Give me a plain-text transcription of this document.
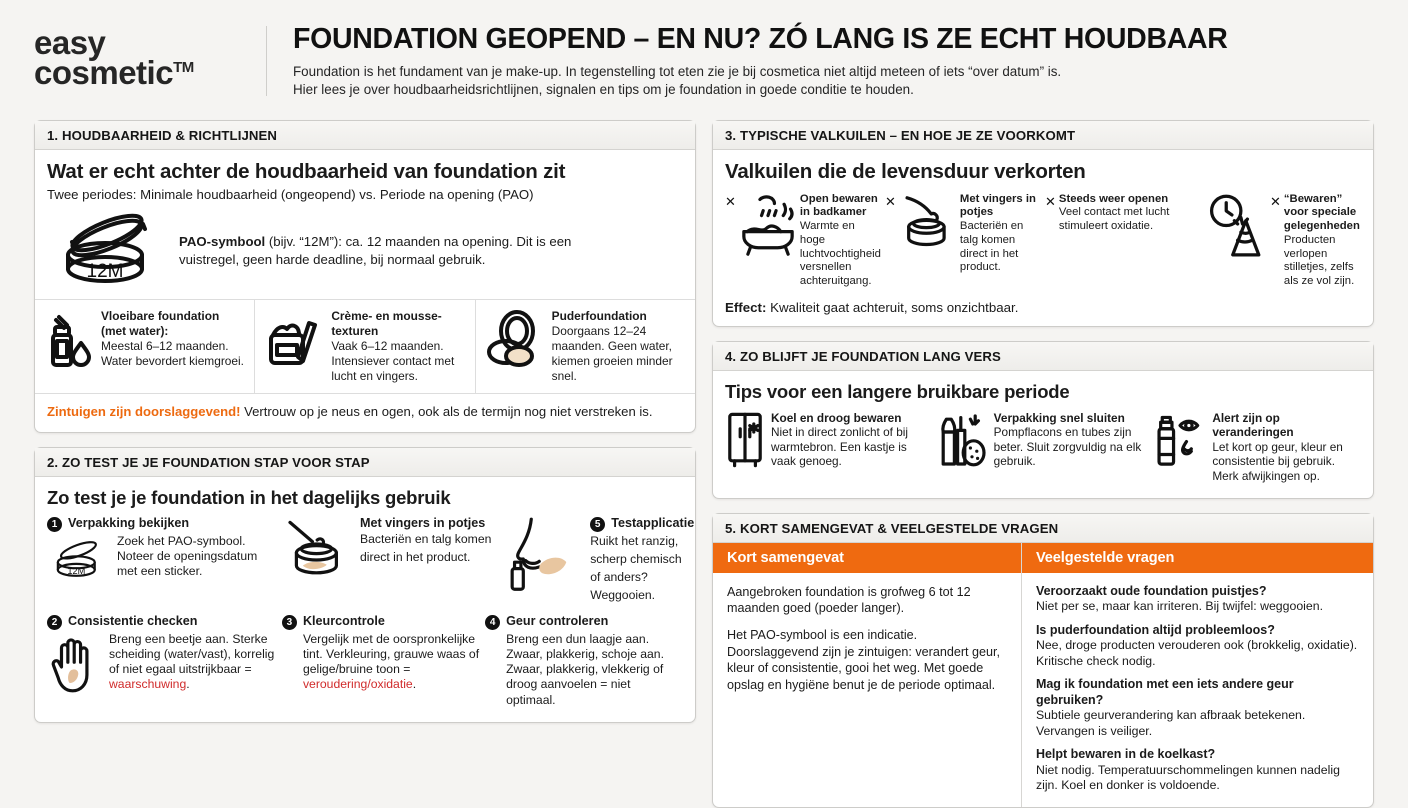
easy
cosmetic™
FOUNDATION GEOPEND – EN NU? ZÓ LANG IS ZE ECHT HOUDBAAR
Foundation is het fundament van je make-up. In tegenstelling tot eten zie je bij cosmetica niet altijd meteen of iets “over datum” is.
Hier lees je over houdbaarheidsrichtlijnen, signalen en tips om je foundation in goede conditie te houden.
1. HOUDBAARHEID & RICHTLIJNEN
Wat er echt achter de houdbaarheid van foundation zit
Twee periodes: Minimale houdbaarheid (ongeopend) vs. Periode na opening (PAO)
12M
PAO-symbool (bijv. “12M”): ca. 12 maanden na opening. Dit is een vuistregel, geen harde deadline, bij normaal gebruik.
Vloeibare foundation (met water):
Meestal 6–12 maanden. Water bevordert kiemgroei.
Crème- en mousse-texturen
Vaak 6–12 maanden. Intensiever contact met lucht en vingers.
Puderfoundation
Doorgaans 12–24 maanden. Geen water, kiemen groeien minder snel.
Zintuigen zijn doorslaggevend! Vertrouw op je neus en ogen, ook als de termijn nog niet verstreken is.
2. ZO TEST JE JE FOUNDATION STAP VOOR STAP
Zo test je je foundation in het dagelijks gebruik
1 Verpakking bekijken
12M
Zoek het PAO-symbool. Noteer de openingsdatum met een sticker.
Met vingers in potjes
Bacteriën en talg komen direct in het product.
5 Testapplicatie
Ruikt het ranzig, scherp chemisch of anders? Weggooien.
2 Consistentie checken
Breng een beetje aan. Sterke scheiding (water/vast), korrelig of niet egaal uitstrijkbaar = waarschuwing.
3 Kleurcontrole
Vergelijk met de oorspronkelijke tint. Verkleuring, grauwe waas of gelige/bruine toon = veroudering/oxidatie.
4 Geur controleren
Breng een dun laagje aan. Zwaar, plakkerig, schoje aan. Zwaar, plakkerig, vlekkerig of droog aanvoelen = niet optimaal.
3. TYPISCHE VALKUILEN – EN HOE JE ZE VOORKOMT
Valkuilen die de levensduur verkorten
✕	Open bewaren in badkamer
Warmte en hoge luchtvochtigheid versnellen achteruitgang.
✕	Met vingers in potjes
Bacteriën en talg komen direct in het product.
✕ Steeds weer openen
Veel contact met lucht stimuleert oxidatie.
✕ “Bewaren” voor speciale gelegenheden
Producten verlopen stilletjes, zelfs als ze vol zijn.
Effect: Kwaliteit gaat achteruit, soms onzichtbaar.
4. ZO BLIJFT JE FOUNDATION LANG VERS
Tips voor een langere bruikbare periode
Koel en droog bewaren
Niet in direct zonlicht of bij warmtebron. Een kastje is vaak genoeg.
Verpakking snel sluiten
Pompflacons en tubes zijn beter. Sluit zorgvuldig na elk gebruik.
Alert zijn op veranderingen
Let kort op geur, kleur en consistentie bij gebruik. Merk afwijkingen op.
5. KORT SAMENGEVAT & VEELGESTELDE VRAGEN
Kort samengevat

Aangebroken foundation is grofweg 6 tot 12 maanden goed (poeder langer).

Het PAO-symbool is een indicatie. Doorslaggevend zijn je zintuigen: verandert geur, kleur of consistentie, gooi het weg. Met goede opslag en hygiëne benut je de periode optimaal.

Veelgestelde vragen
Veroorzaakt oude foundation puistjes?
Niet per se, maar kan irriteren. Bij twijfel: weggooien.
Is puderfoundation altijd probleemloos?
Nee, droge producten verouderen ook (brokkelig, oxidatie). Kritische check nodig.
Mag ik foundation met een iets andere geur gebruiken?
Subtiele geurverandering kan afbraak betekenen. Vervangen is veiliger.
Helpt bewaren in de koelkast?
Niet nodig. Temperatuurschommelingen kunnen nadelig zijn. Koel en donker is voldoende.
